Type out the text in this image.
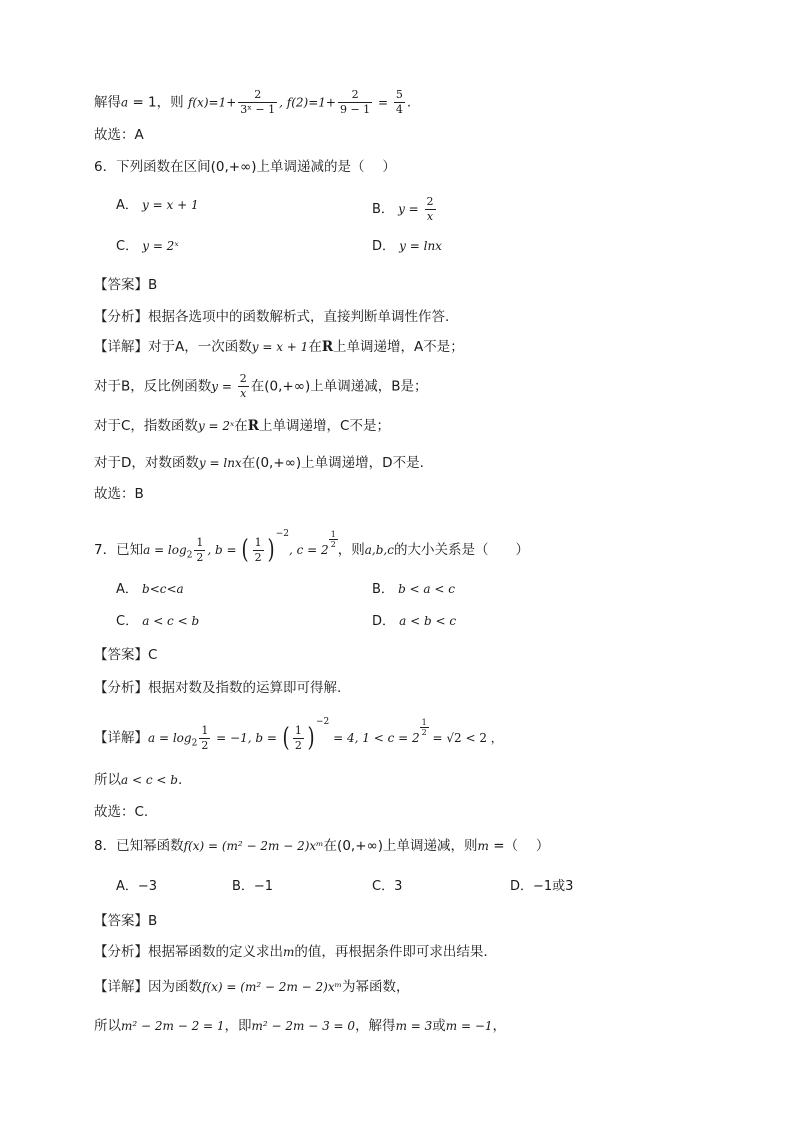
解得a = 1，则 $f(x)=1+ \frac{2}{\text{3ˣ − 1}}$ , $f(2)=1+ \frac{2}{9 - 1} = \frac{5}{4}$ .
故选：A
6．下列函数在区间(0,+∞)上单调递减的是（　 ）
A． y = x + 1	B． $y = \frac{2}{x}$
C． y = 2ˣ	D． y = lnx
【答案】B
【分析】根据各选项中的函数解析式，直接判断单调性作答.
【详解】对于A，一次函数y = x + 1在R上单调递增，A不是；
对于B，反比例函数$y = \frac{2}{x}$ 在(0,+∞)上单调递减，B是；
对于C，指数函数y = 2ˣ在R上单调递增，C不是；
对于D，对数函数y = lnx在(0,+∞)上单调递增，D不是.
故选：B
7．已知$a = \log_2 \frac{1}{2}$ , b = ( $\frac{1}{2} )^{-2}$, c = 2
$^{\frac{1}{2}}$
，则a,b,c的大小关系是（　　）
A． b<c<a	B． b < a < c
C． a < c < b	D． a < b < c
【答案】C
【分析】根据对数及指数的运算即可得解.
【详解】$a = \log_2 \frac{1}{2} = -1$, b = ( $\frac{1}{2} )^{-2} = 4$, 1 < c = 2
$^{\frac{1}{2}}$
= √2 < 2 ，
所以a < c < b.
故选：C.
8．已知幂函数f(x) = (m² − 2m − 2)xᵐ在(0,+∞)上单调递减，则m =（　 ）
A．−3	B．−1	C．3	D．−1或3
【答案】B
【分析】根据幂函数的定义求出m的值，再根据条件即可求出结果.
【详解】因为函数f(x) = (m² − 2m − 2)xᵐ为幂函数，
所以m² − 2m − 2 = 1，即m² − 2m − 3 = 0，解得m = 3或m = −1，
